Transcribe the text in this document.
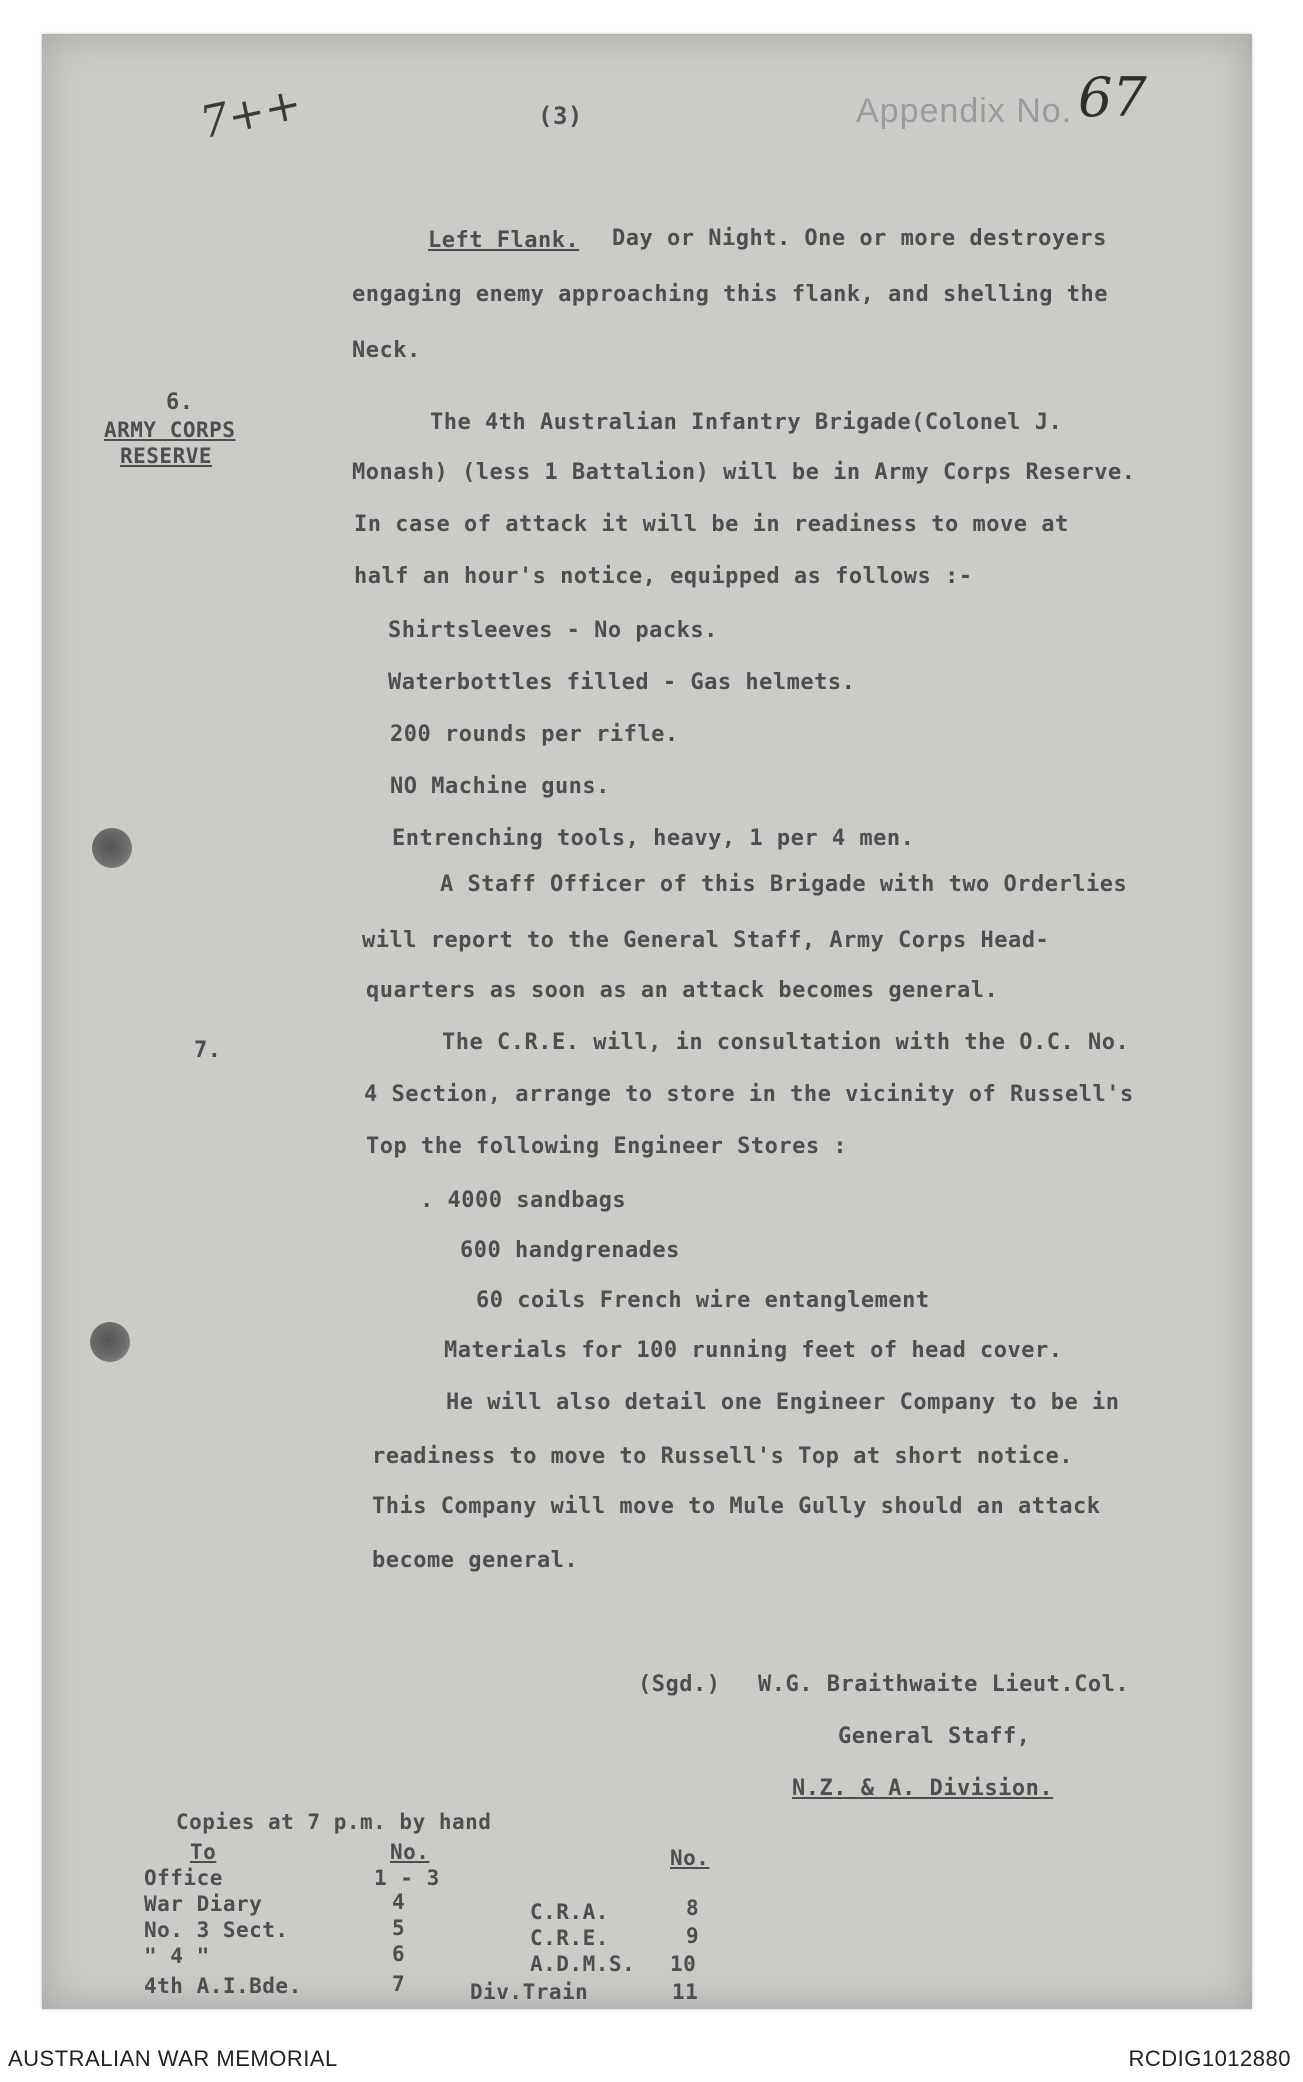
7++	(3)	Appendix No. 67
Left Flank. Day or Night. One or more destroyers
engaging enemy approaching this flank, and shelling the
Neck.
6.
ARMY CORPS
RESERVE
The 4th Australian Infantry Brigade(Colonel J.
Monash) (less 1 Battalion) will be in Army Corps Reserve.
In case of attack it will be in readiness to move at
half an hour's notice, equipped as follows :-
Shirtsleeves - No packs.
Waterbottles filled - Gas helmets.
200 rounds per rifle.
NO Machine guns.
Entrenching tools, heavy, 1 per 4 men.
A Staff Officer of this Brigade with two Orderlies
will report to the General Staff, Army Corps Head-
quarters as soon as an attack becomes general.
7.	The C.R.E. will, in consultation with the O.C. No.
4 Section, arrange to store in the vicinity of Russell's
Top the following Engineer Stores :
. 4000 sandbags
600 handgrenades
60 coils French wire entanglement
Materials for 100 running feet of head cover.
He will also detail one Engineer Company to be in
readiness to move to Russell's Top at short notice.
This Company will move to Mule Gully should an attack
become general.
(Sgd.) W.G. Braithwaite Lieut.Col.
General Staff,
N.Z. & A. Division.
Copies at 7 p.m. by hand
To	No.	No.
Office	1 - 3
War Diary	4
No. 3 Sect.	5
" 4 "	6
4th A.I.Bde.	7
C.R.A.	8
C.R.E.	9
A.D.M.S. 10
Div.Train	11
AUSTRALIAN WAR MEMORIAL	RCDIG1012880
